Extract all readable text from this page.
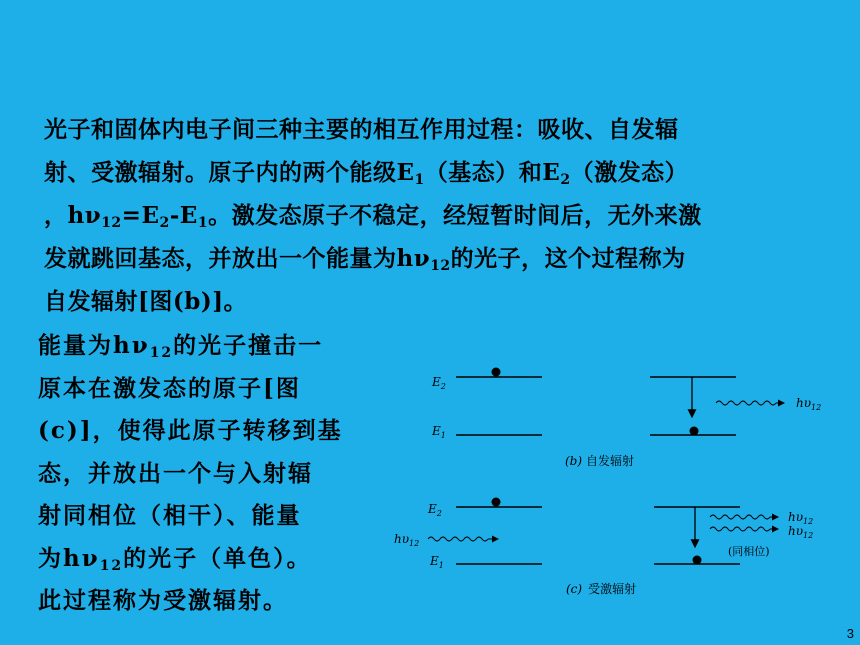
光子和固体内电子间三种主要的相互作用过程：吸收、自发辐
射、受激辐射。原子内的两个能级$E_1$（基态）和$E_2$（激发态）
，$h\nu_{12}=E_2-E_1$。激发态原子不稳定，经短暂时间后，无外来激
发就跳回基态，并放出一个能量为$h\nu_{12}$的光子，这个过程称为
自发辐射[图(b)]。
能量为$h\nu_{12}$的光子撞击一
原本在激发态的原子[图
(c)]，使得此原子转移到基
态，并放出一个与入射辐
射同相位（相干）、能量
为$h\nu_{12}$的光子（单色）。
此过程称为受激辐射。
$E_2$
$E_1$
$h\upsilon_{12}$
(b) 自发辐射
$E_2$
$h\upsilon_{12}$
$E_1$
$h\upsilon_{12}$
$h\upsilon_{12}$
(同相位)
(c) 受激辐射
3
